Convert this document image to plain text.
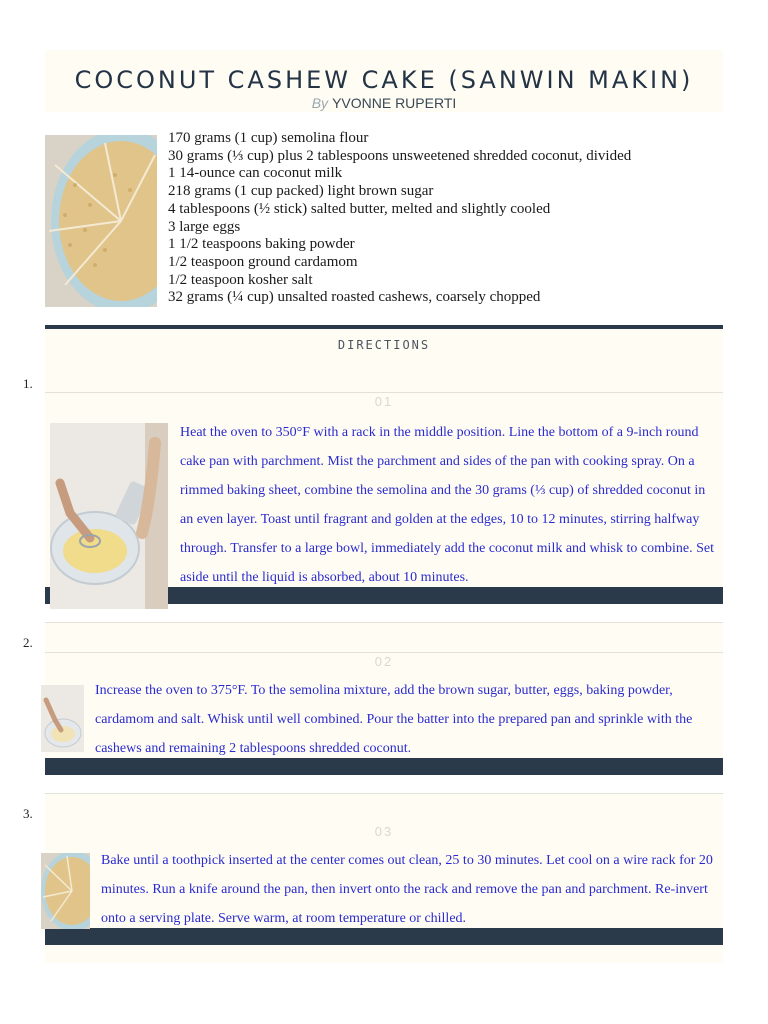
COCONUT CASHEW CAKE (SANWIN MAKIN)
By YVONNE RUPERTI
170 grams (1 cup) semolina flour
30 grams (⅓ cup) plus 2 tablespoons unsweetened shredded coconut, divided
1 14-ounce can coconut milk
218 grams (1 cup packed) light brown sugar
4 tablespoons (½ stick) salted butter, melted and slightly cooled
3 large eggs
1 1/2 teaspoons baking powder
1/2 teaspoon ground cardamom
1/2 teaspoon kosher salt
32 grams (¼ cup) unsalted roasted cashews, coarsely chopped
DIRECTIONS
1.
01

Heat the oven to 350°F with a rack in the middle position. Line the bottom of a 9-inch round cake pan with parchment. Mist the parchment and sides of the pan with cooking spray. On a rimmed baking sheet, combine the semolina and the 30 grams (⅓ cup) of shredded coconut in an even layer. Toast until fragrant and golden at the edges, 10 to 12 minutes, stirring halfway through. Transfer to a large bowl, immediately add the coconut milk and whisk to combine. Set aside until the liquid is absorbed, about 10 minutes.

2.
02

Increase the oven to 375°F. To the semolina mixture, add the brown sugar, butter, eggs, baking powder, cardamom and salt. Whisk until well combined. Pour the batter into the prepared pan and sprinkle with the cashews and remaining 2 tablespoons shredded coconut.

3.
03

Bake until a toothpick inserted at the center comes out clean, 25 to 30 minutes. Let cool on a wire rack for 20 minutes. Run a knife around the pan, then invert onto the rack and remove the pan and parchment. Re-invert onto a serving plate. Serve warm, at room temperature or chilled.
